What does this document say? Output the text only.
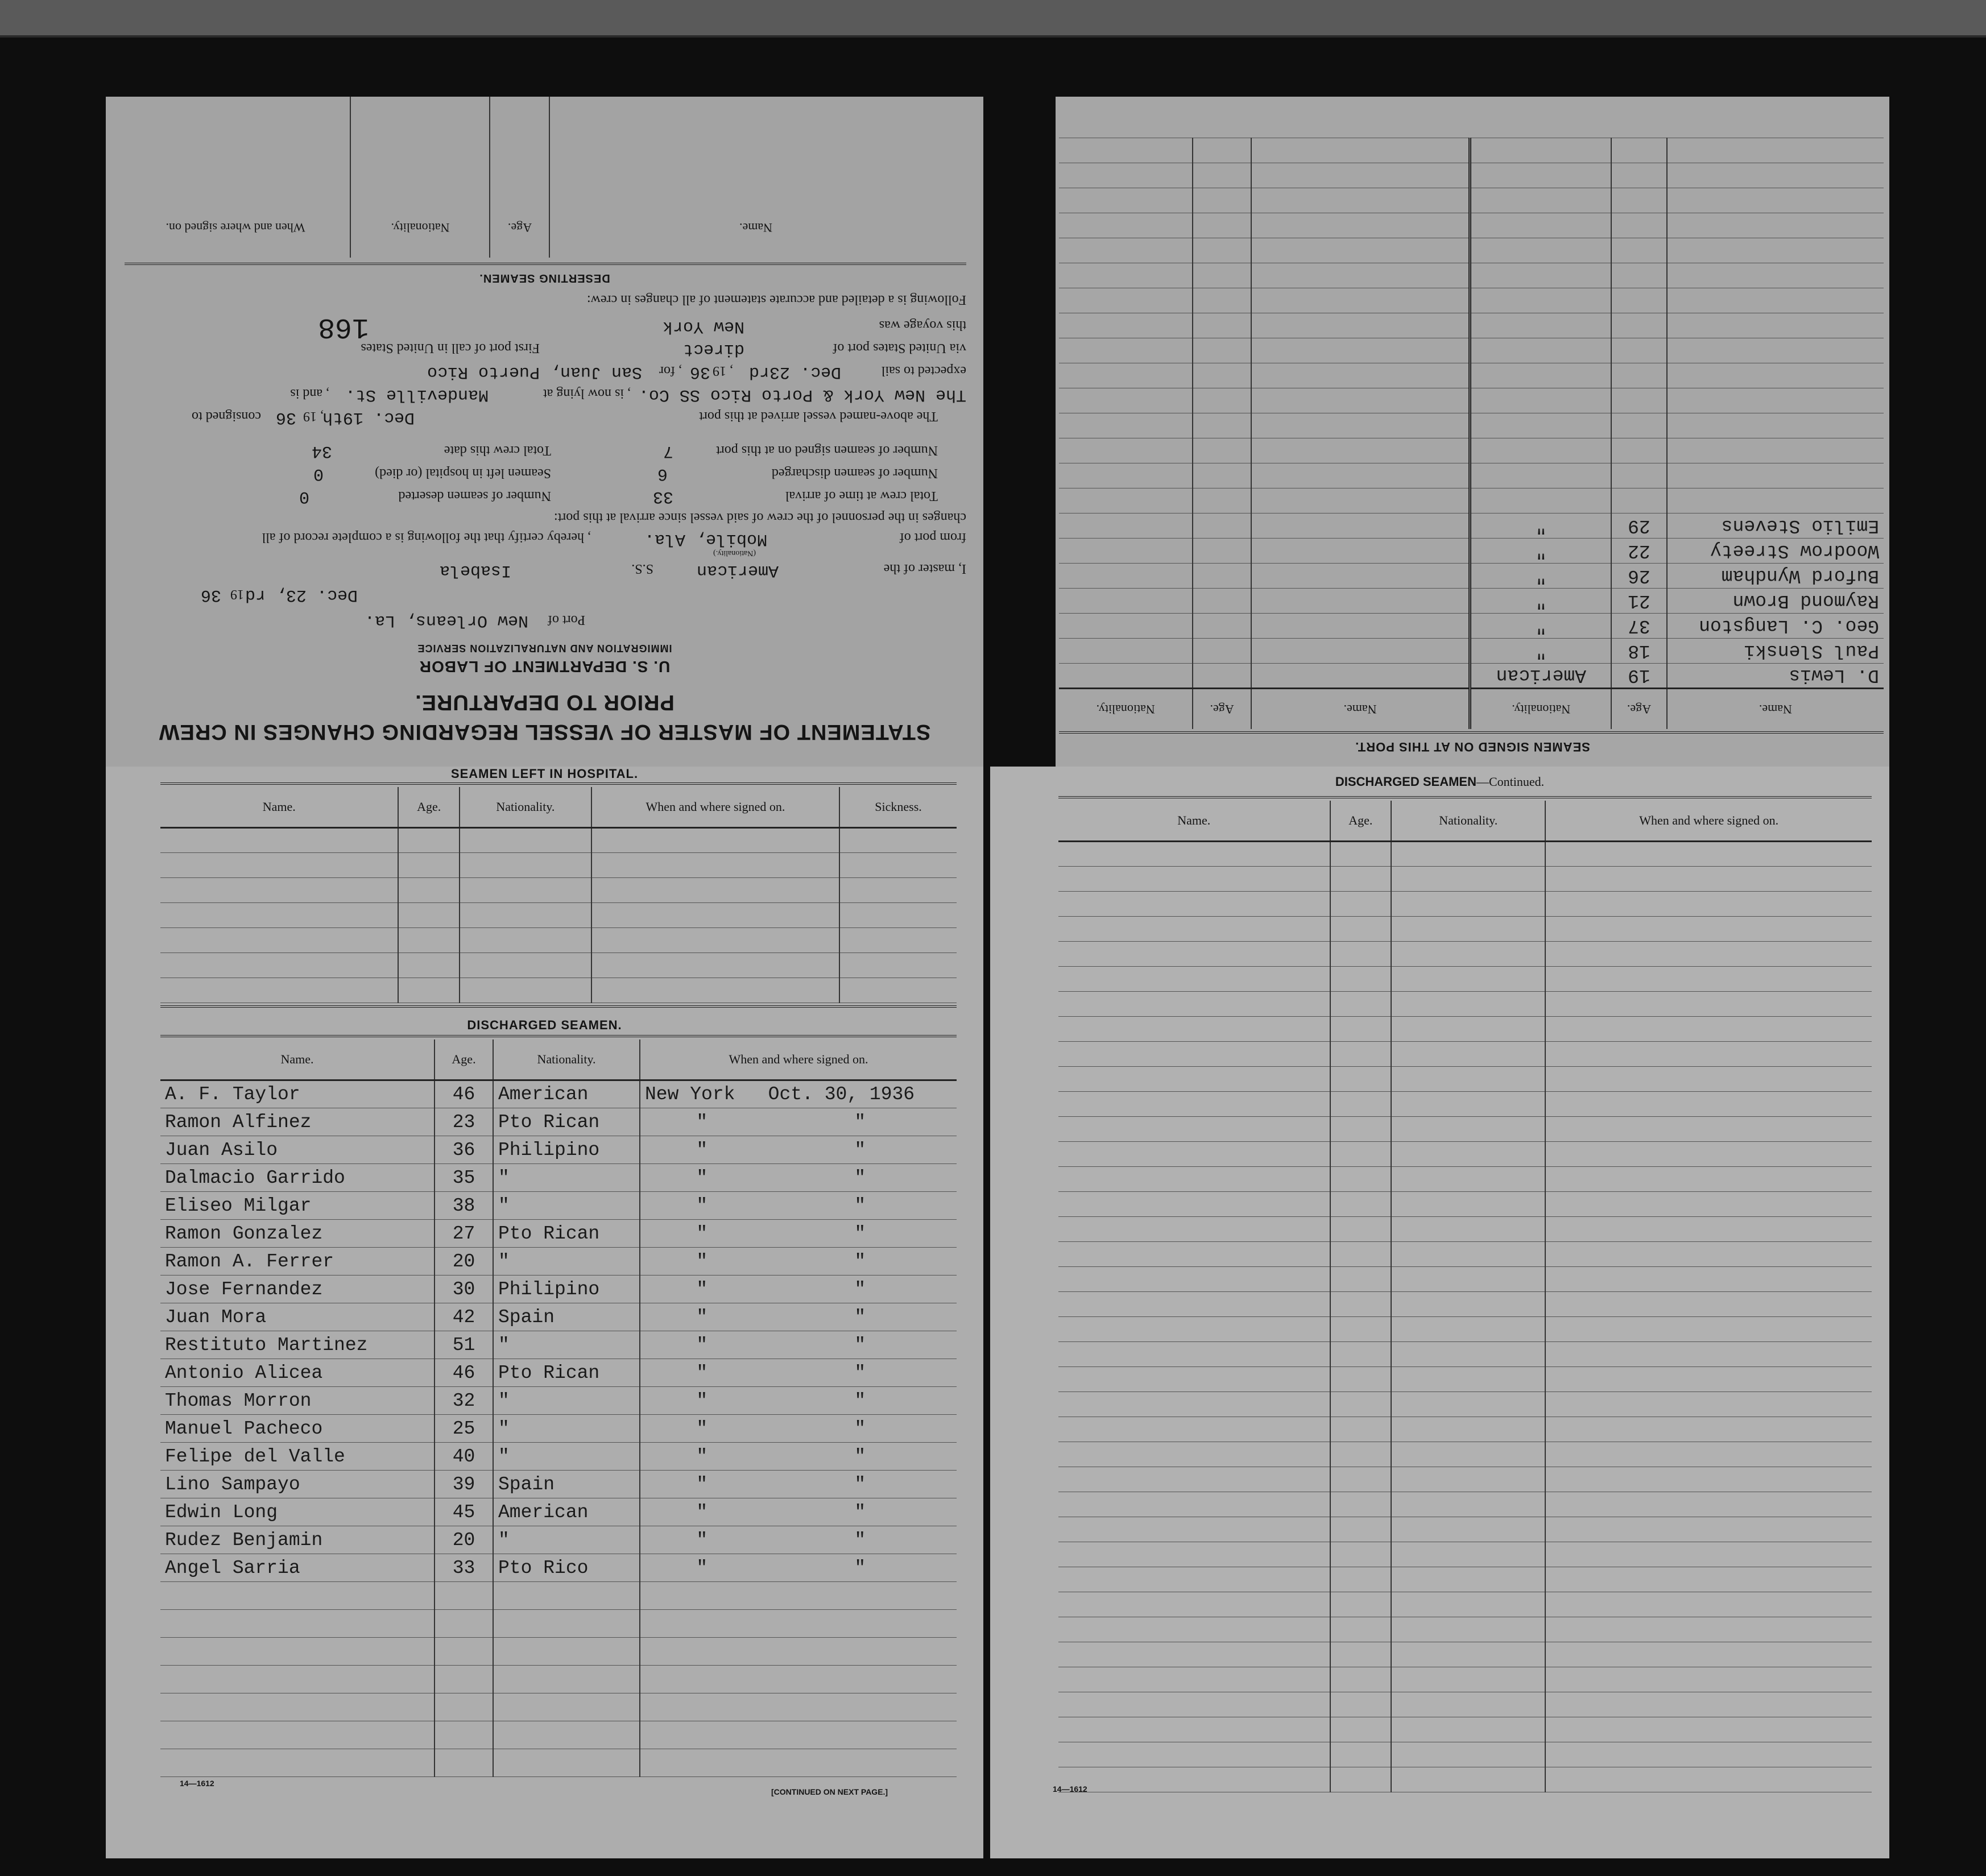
STATEMENT OF MASTER OF VESSEL REGARDING CHANGES IN CREW
PRIOR TO DEPARTURE.
U. S. DEPARTMENT OF LABOR
IMMIGRATION AND NATURALIZATION SERVICE
Port of
New Orleans, La.
Dec. 23, rd
19
36
I, master of the
American
S.S.
Isabela
(Nationality.)
from port of
Mobile, Ala.
, hereby certify that the following is a complete record of all
changes in the personnel of the crew of said vessel since arrival at this port:
Total crew at time of arrival
33
Number of seamen deserted
0
Number of seamen discharged
6
Seamen left in hospital (or died)
0
Number of seamen signed on at this port
7
Total crew this date
34
The above-named vessel arrived at this port
Dec. 19th
, 19
36
consigned to
The New York & Porto Rico SS Co.
, is now lying at
Mandeville St.
, and is
expected to sail
Dec. 23rd
, 19
36
, for
San Juan, Puerto Rico
via United States port of
direct
First port of call in United States
this voyage was
New York
168
Following is a detailed and accurate statement of all changes in crew:
DESERTING SEAMEN.
Name.
Age.
Nationality.
When and where signed on.
SEAMEN SIGNED ON AT THIS PORT.
Name.	Age.	Nationality.	Name.	Age.	Nationality.
D. Lewis	19	American			
Paul Slenski	18	"			
Geo. C. Langston	37	"			
Raymond Brown	21	"			
Buford Wyndham	26	"			
Woodrow Streety	22	"			
Emilio Stevens	29	"			

SEAMEN LEFT IN HOSPITAL.
Name.	Age.	Nationality.	When and where signed on.	Sickness.

DISCHARGED SEAMEN.
Name.	Age.	Nationality.	When and where signed on.	
A. F. Taylor	46	American	New York	Oct. 30, 1936
Ramon Alfinez	23	Pto Rican	"	"
Juan Asilo	36	Philipino	"	"
Dalmacio Garrido	35	"	"	"
Eliseo Milgar	38	"	"	"
Ramon Gonzalez	27	Pto Rican	"	"
Ramon A. Ferrer	20	"	"	"
Jose Fernandez	30	Philipino	"	"
Juan Mora	42	Spain	"	"
Restituto Martinez	51	"	"	"
Antonio Alicea	46	Pto Rican	"	"
Thomas Morron	32	"	"	"
Manuel Pacheco	25	"	"	"
Felipe del Valle	40	"	"	"
Lino Sampayo	39	Spain	"	"
Edwin Long	45	American	"	"
Rudez Benjamin	20	"	"	"
Angel Sarria	33	Pto Rico	"	"

14—1612
[CONTINUED ON NEXT PAGE.]
DISCHARGED SEAMEN—Continued.
Name.	Age.	Nationality.	When and where signed on.

14—1612
